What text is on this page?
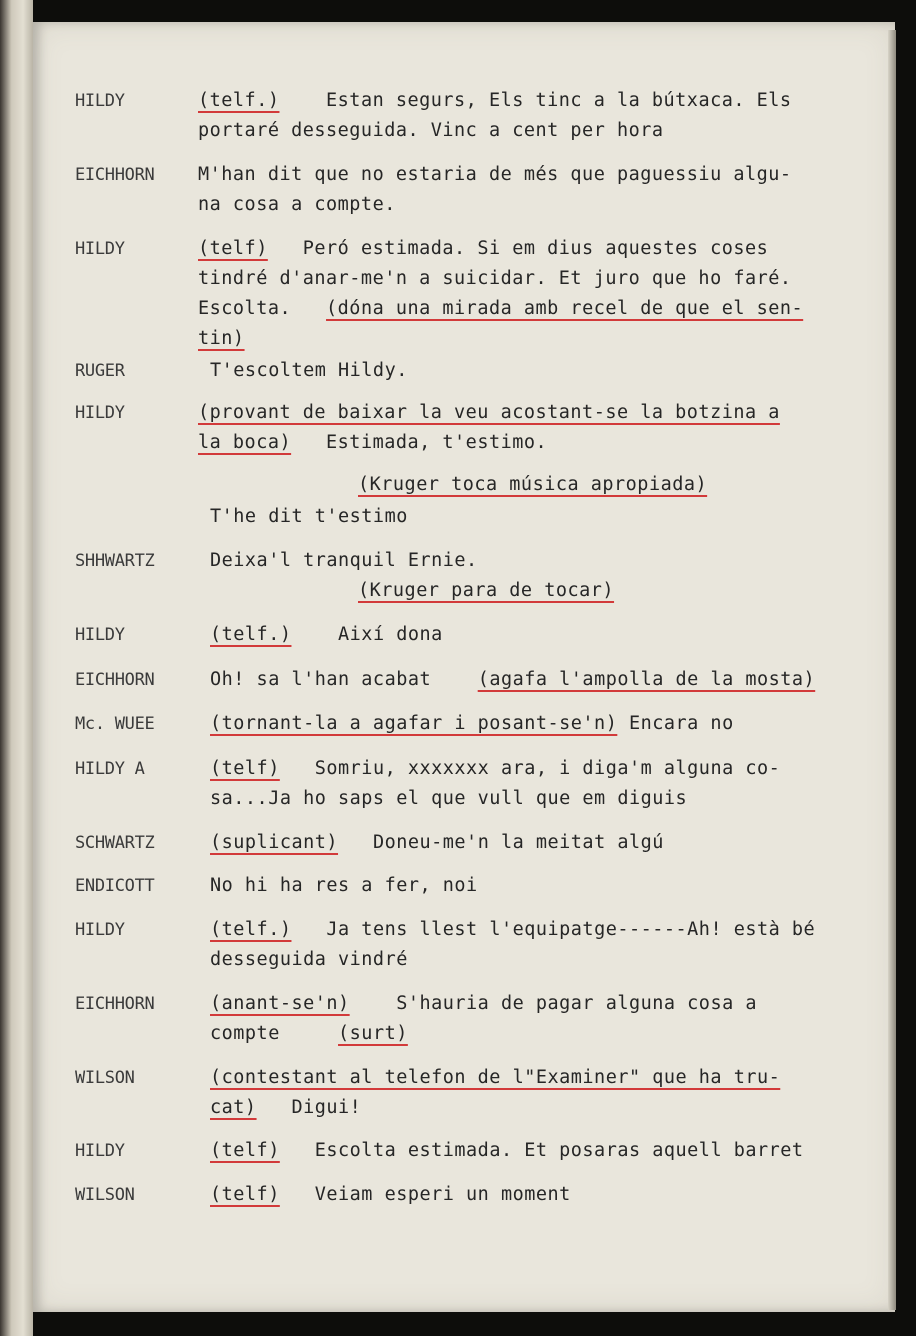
HILDY	(telf.)	Estan segurs, Els tinc a la bútxaca. Els
portaré desseguida. Vinc a cent per hora
EICHHORN	M'han dit que no estaria de més que paguessiu algu-
na cosa a compte.
HILDY	(telf) Peró estimada. Si em dius aquestes coses
tindré d'anar-me'n a suicidar. Et juro que ho faré.
Escolta. (dóna una mirada amb recel de que el sen-
tin)
RUGER	T'escoltem Hildy.
HILDY	(provant de baixar la veu acostant-se la botzina a
la boca) Estimada, t'estimo.
(Kruger toca música apropiada)
T'he dit t'estimo
SHHWARTZ	Deixa'l tranquil Ernie.
(Kruger para de tocar)
HILDY	(telf.)	Així dona
EICHHORN	Oh! sa l'han acabat	(agafa l'ampolla de la mosta)
Mc. WUEE	(tornant-la a agafar i posant-se'n) Encara no
HILDY A	(telf) Somriu, xxxxxxx ara, i diga'm alguna co-
sa...Ja ho saps el que vull que em diguis
SCHWARTZ	(suplicant) Doneu-me'n la meitat algú
ENDICOTT	No hi ha res a fer, noi
HILDY	(telf.) Ja tens llest l'equipatge------Ah! està bé
desseguida vindré
EICHHORN	(anant-se'n)	S'hauria de pagar alguna cosa a
compte	(surt)
WILSON	(contestant al telefon de l"Examiner" que ha tru-
cat) Digui!
HILDY	(telf) Escolta estimada. Et posaras aquell barret
WILSON	(telf) Veiam esperi un moment
